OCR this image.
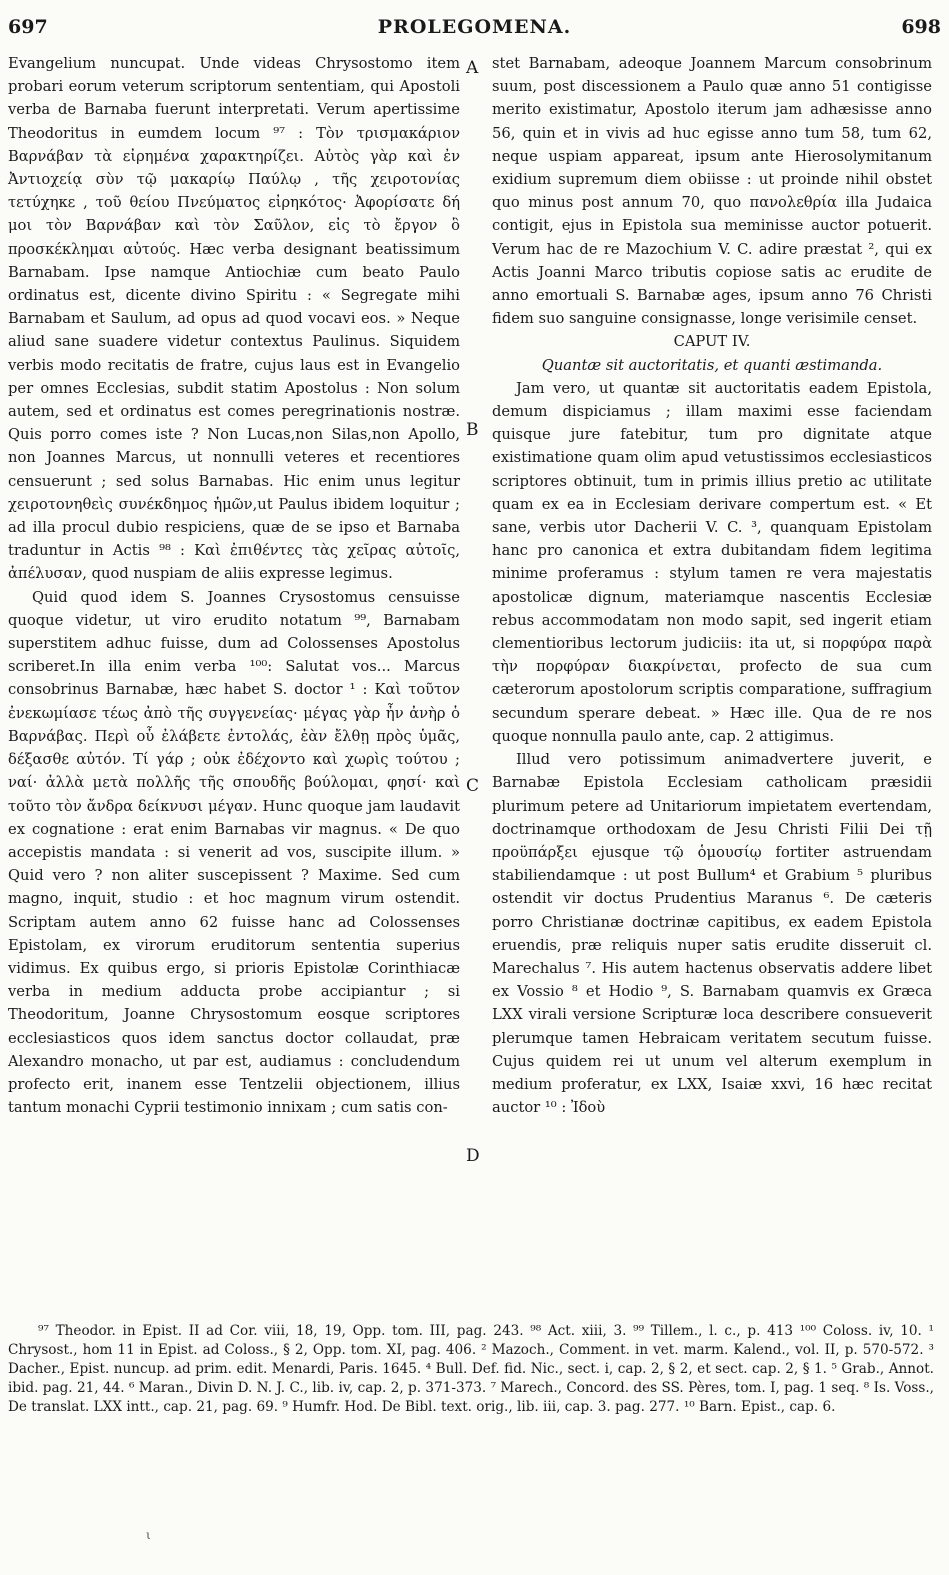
697	PROLEGOMENA.	698
A
B
C
D

Evangelium nuncupat. Unde videas Chrysostomo item probari eorum veterum scriptorum sententiam, qui Apostoli verba de Barnaba fuerunt interpretati. Verum apertissime Theodoritus in eumdem locum ⁹⁷ : Τὸν τρισμακάριον Βαρνάβαν τὰ εἰρημένα χαρακτηρίζει. Αὐτὸς γὰρ καὶ ἐν Ἀντιοχείᾳ σὺν τῷ μακαρίῳ Παύλῳ , τῆς χειροτονίας τετύχηκε , τοῦ θείου Πνεύματος εἰρηκότος· Ἀφορίσατε δή μοι τὸν Βαρνάβαν καὶ τὸν Σαῦλον, εἰς τὸ ἔργον ὃ προσκέκλημαι αὐτούς. Hæc verba designant beatissimum Barnabam. Ipse namque Antiochiæ cum beato Paulo ordinatus est, dicente divino Spiritu : « Segregate mihi Barnabam et Saulum, ad opus ad quod vocavi eos. » Neque aliud sane suadere videtur contextus Paulinus. Siquidem verbis modo recitatis de fratre, cujus laus est in Evangelio per omnes Ecclesias, subdit statim Apostolus : Non solum autem, sed et ordinatus est comes peregrinationis nostræ. Quis porro comes iste ? Non Lucas,non Silas,non Apollo, non Joannes Marcus, ut nonnulli veteres et recentiores censuerunt ; sed solus Barnabas. Hic enim unus legitur χειροτονηθεὶς συνέκδημος ἡμῶν,ut Paulus ibidem loquitur ; ad illa procul dubio respiciens, quæ de se ipso et Barnaba traduntur in Actis ⁹⁸ : Καὶ ἐπιθέντες τὰς χεῖρας αὐτοῖς, ἀπέλυσαν, quod nuspiam de aliis expresse legimus.

Quid quod idem S. Joannes Crysostomus censuisse quoque videtur, ut viro erudito notatum ⁹⁹, Barnabam superstitem adhuc fuisse, dum ad Colossenses Apostolus scriberet.In illa enim verba ¹⁰⁰: Salutat vos... Marcus consobrinus Barnabæ, hæc habet S. doctor ¹ : Καὶ τοῦτον ἐνεκωμίασε τέως ἀπὸ τῆς συγγενείας· μέγας γὰρ ἦν ἀνὴρ ὁ Βαρνάβας. Περὶ οὗ ἐλάβετε ἐντολάς, ἐὰν ἔλθῃ πρὸς ὑμᾶς, δέξασθε αὐτόν. Τί γάρ ; οὐκ ἐδέχοντο καὶ χωρὶς τούτου ; ναί· ἀλλὰ μετὰ πολλῆς τῆς σπουδῆς βούλομαι, φησί· καὶ τοῦτο τὸν ἄνδρα δείκνυσι μέγαν. Hunc quoque jam laudavit ex cognatione : erat enim Barnabas vir magnus. « De quo accepistis mandata : si venerit ad vos, suscipite illum. » Quid vero ? non aliter suscepissent ? Maxime. Sed cum magno, inquit, studio : et hoc magnum virum ostendit. Scriptam autem anno 62 fuisse hanc ad Colossenses Epistolam, ex virorum eruditorum sententia superius vidimus. Ex quibus ergo, si prioris Epistolæ Corinthiacæ verba in medium adducta probe accipiantur ; si Theodoritum, Joanne Chrysostomum eosque scriptores ecclesiasticos quos idem sanctus doctor collaudat, præ Alexandro monacho, ut par est, audiamus : concludendum profecto erit, inanem esse Tentzelii objectionem, illius tantum monachi Cyprii testimonio innixam ; cum satis con-

stet Barnabam, adeoque Joannem Marcum consobrinum suum, post discessionem a Paulo quæ anno 51 contigisse merito existimatur, Apostolo iterum jam adhæsisse anno 56, quin et in vivis ad huc egisse anno tum 58, tum 62, neque uspiam appareat, ipsum ante Hierosolymitanum exidium supremum diem obiisse : ut proinde nihil obstet quo minus post annum 70, quo πανολεθρία illa Judaica contigit, ejus in Epistola sua meminisse auctor potuerit. Verum hac de re Mazochium V. C. adire præstat ², qui ex Actis Joanni Marco tributis copiose satis ac erudite de anno emortuali S. Barnabæ ages, ipsum anno 76 Christi fidem suo sanguine consignasse, longe verisimile censet.

CAPUT IV.

Quantæ sit auctoritatis, et quanti æstimanda.

Jam vero, ut quantæ sit auctoritatis eadem Epistola, demum dispiciamus ; illam maximi esse faciendam quisque jure fatebitur, tum pro dignitate atque existimatione quam olim apud vetustissimos ecclesiasticos scriptores obtinuit, tum in primis illius pretio ac utilitate quam ex ea in Ecclesiam derivare compertum est. « Et sane, verbis utor Dacherii V. C. ³, quanquam Epistolam hanc pro canonica et extra dubitandam fidem legitima minime proferamus : stylum tamen re vera majestatis apostolicæ dignum, materiamque nascentis Ecclesiæ rebus accommodatam non modo sapit, sed ingerit etiam clementioribus lectorum judiciis: ita ut, si πορφύρα παρὰ τὴν πορφύραν διακρίνεται, profecto de sua cum cæterorum apostolorum scriptis comparatione, suffragium secundum sperare debeat. » Hæc ille. Qua de re nos quoque nonnulla paulo ante, cap. 2 attigimus.

Illud vero potissimum animadvertere juverit, e Barnabæ Epistola Ecclesiam catholicam præsidii plurimum petere ad Unitariorum impietatem evertendam, doctrinamque orthodoxam de Jesu Christi Filii Dei τῇ προϋπάρξει ejusque τῷ ὁμουσίῳ fortiter astruendam stabiliendamque : ut post Bullum⁴ et Grabium ⁵ pluribus ostendit vir doctus Prudentius Maranus ⁶. De cæteris porro Christianæ doctrinæ capitibus, ex eadem Epistola eruendis, præ reliquis nuper satis erudite disseruit cl. Marechalus ⁷. His autem hactenus observatis addere libet ex Vossio ⁸ et Hodio ⁹, S. Barnabam quamvis ex Græca LXX virali versione Scripturæ loca describere consueverit plerumque tamen Hebraicam veritatem secutum fuisse. Cujus quidem rei ut unum vel alterum exemplum in medium proferatur, ex LXX, Isaiæ xxvi, 16 hæc recitat auctor ¹⁰ : Ἰδοὺ

⁹⁷ Theodor. in Epist. II ad Cor. viii, 18, 19, Opp. tom. III, pag. 243. ⁹⁸ Act. xiii, 3. ⁹⁹ Tillem., l. c., p. 413 ¹⁰⁰ Coloss. iv, 10. ¹ Chrysost., hom 11 in Epist. ad Coloss., § 2, Opp. tom. XI, pag. 406. ² Mazoch., Comment. in vet. marm. Kalend., vol. II, p. 570-572. ³ Dacher., Epist. nuncup. ad prim. edit. Menardi, Paris. 1645. ⁴ Bull. Def. fid. Nic., sect. i, cap. 2, § 2, et sect. cap. 2, § 1. ⁵ Grab., Annot. ibid. pag. 21, 44. ⁶ Maran., Divin D. N. J. C., lib. iv, cap. 2, p. 371-373. ⁷ Marech., Concord. des SS. Pères, tom. I, pag. 1 seq. ⁸ Is. Voss., De translat. LXX intt., cap. 21, pag. 69. ⁹ Humfr. Hod. De Bibl. text. orig., lib. iii, cap. 3. pag. 277. ¹⁰ Barn. Epist., cap. 6.

ι
